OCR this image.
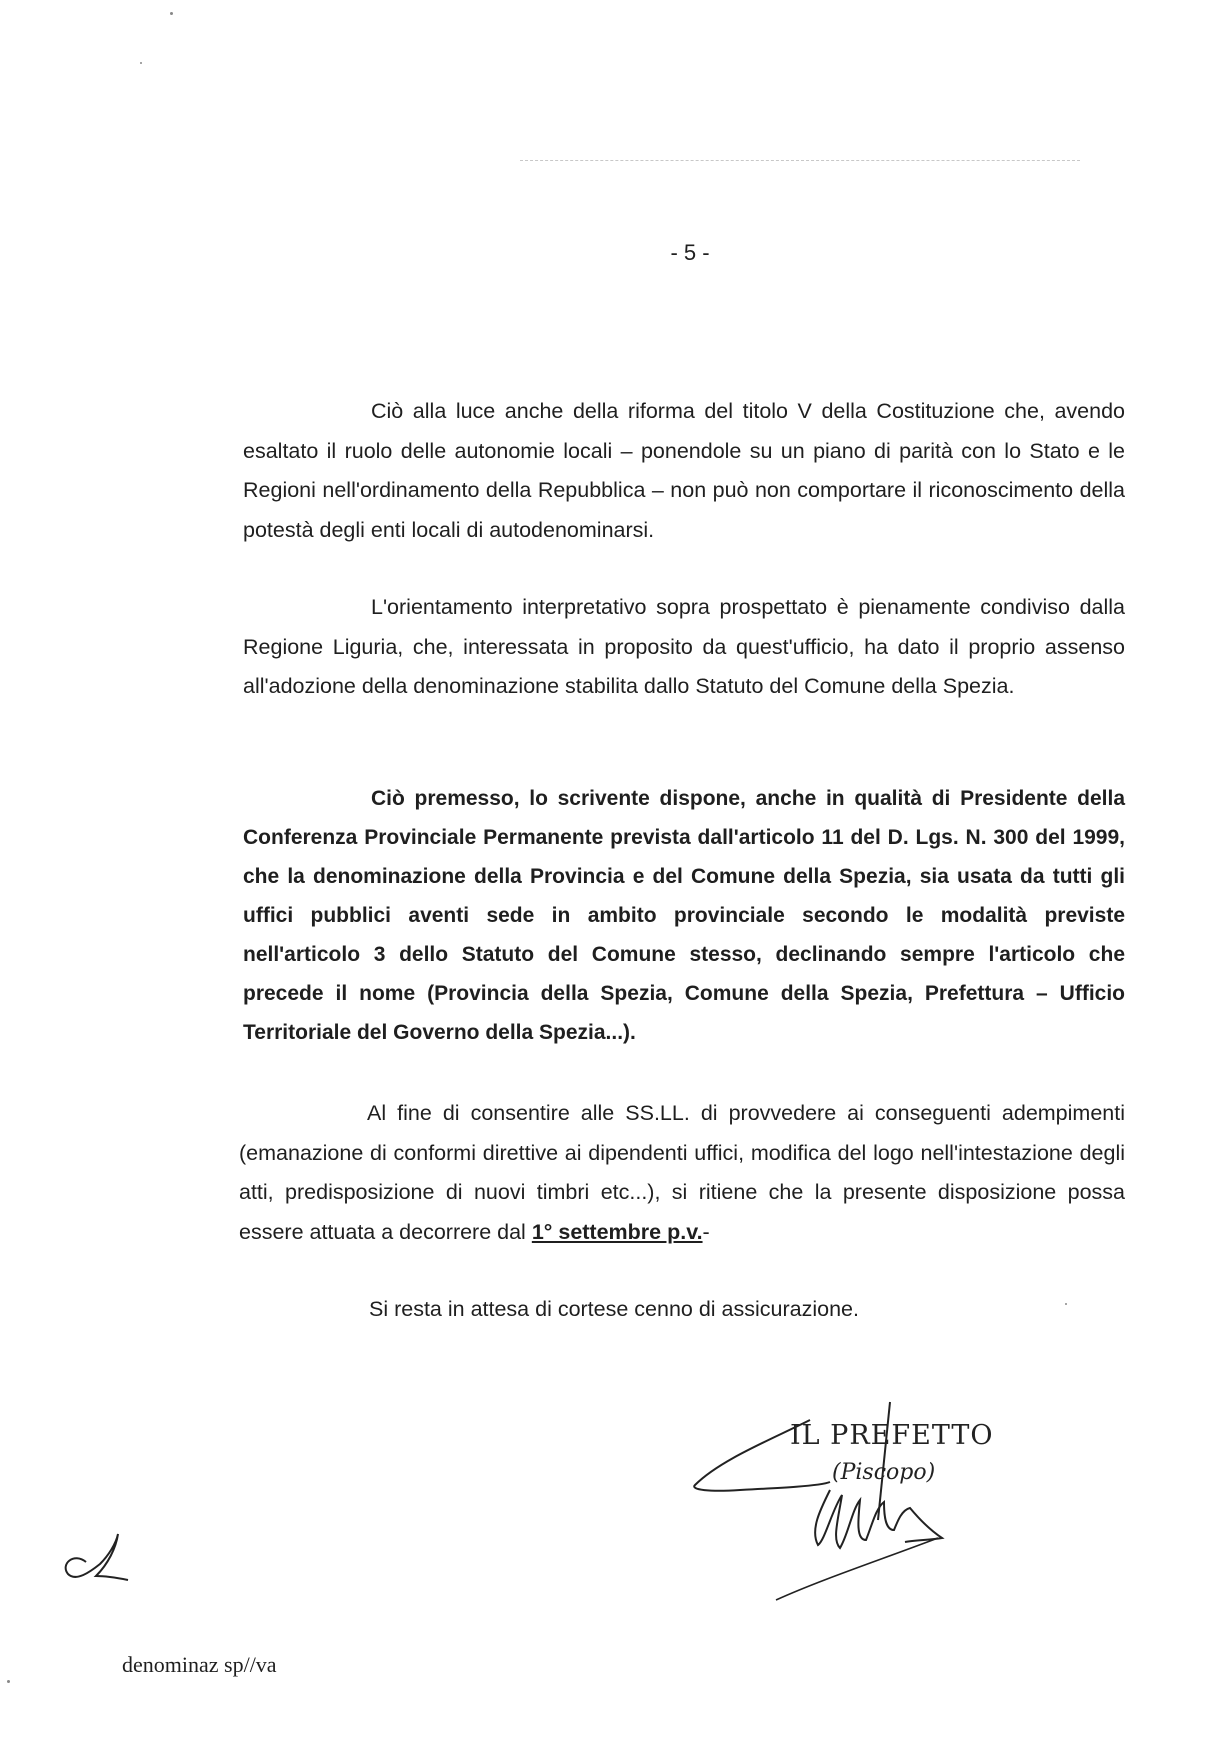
- 5 -
Ciò alla luce anche della riforma del titolo V della Costituzione che, avendo esaltato il ruolo delle autonomie locali – ponendole su un piano di parità con lo Stato e le Regioni nell'ordinamento della Repubblica – non può non comportare il riconoscimento della potestà degli enti locali di autodenominarsi.
L'orientamento interpretativo sopra prospettato è pienamente condiviso dalla Regione Liguria, che, interessata in proposito da quest'ufficio, ha dato il proprio assenso all'adozione della denominazione stabilita dallo Statuto del Comune della Spezia.
Ciò premesso, lo scrivente dispone, anche in qualità di Presidente della Conferenza Provinciale Permanente prevista dall'articolo 11 del D. Lgs. N. 300 del 1999, che la denominazione della Provincia e del Comune della Spezia, sia usata da tutti gli uffici pubblici aventi sede in ambito provinciale secondo le modalità previste nell'articolo 3 dello Statuto del Comune stesso, declinando sempre l'articolo che precede il nome (Provincia della Spezia, Comune della Spezia, Prefettura – Ufficio Territoriale del Governo della Spezia...).
Al fine di consentire alle SS.LL. di provvedere ai conseguenti adempimenti (emanazione di conformi direttive ai dipendenti uffici, modifica del logo nell'intestazione degli atti, predisposizione di nuovi timbri etc...), si ritiene che la presente disposizione possa essere attuata a decorrere dal 1° settembre p.v.-
Si resta in attesa di cortese cenno di assicurazione.
IL PREFETTO
(Piscopo)
denominaz sp//va
